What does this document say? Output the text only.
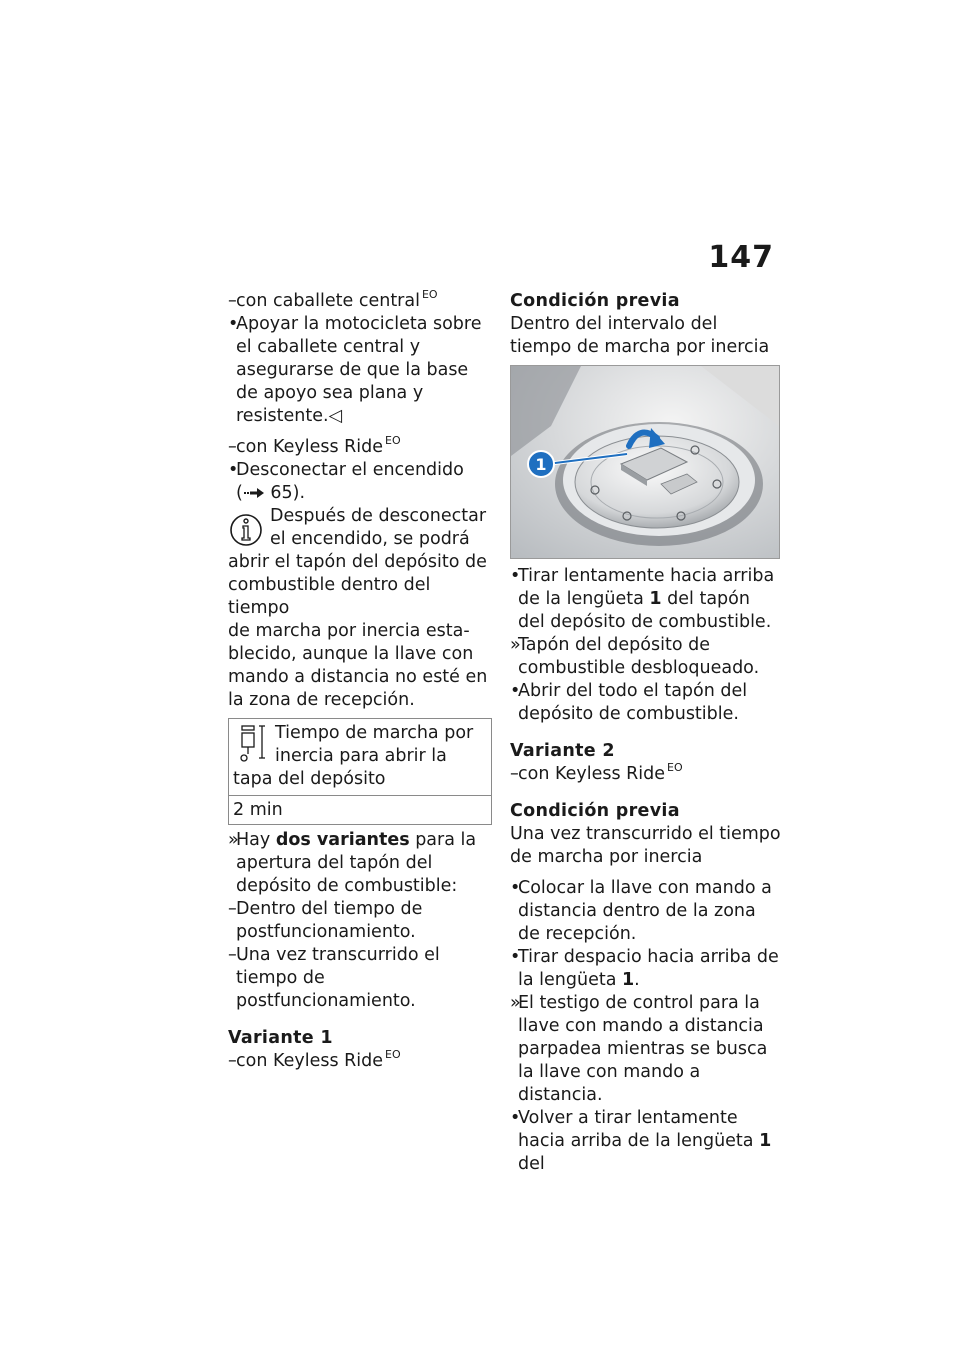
147
– con caballete central $^{EO}$
•
Apoyar la motocicleta sobre el caballete central y asegurarse de que la base de apoyo sea plana y resistente.◁
– con Keyless Ride $^{EO}$
•
Desconectar el encendido
( 65).
Después de desconectar
el encendido, se podrá
abrir el tapón del depósito de
combustible dentro del tiempo
de marcha por inercia esta-
blecido, aunque la llave con
mando a distancia no esté en
la zona de recepción.
Tiempo de marcha por inercia para abrir la tapa del depósito
2 min
»
Hay dos variantes para la apertura del tapón del depósito de combustible:
– Dentro del tiempo de postfuncionamiento.
– Una vez transcurrido el tiempo de postfuncionamiento.
Variante 1
– con Keyless Ride $^{EO}$
Condición previa
Dentro del intervalo del tiempo de marcha por inercia
1
•
Tirar lentamente hacia arriba de la lengüeta 1 del tapón del depósito de combustible.
»
Tapón del depósito de combustible desbloqueado.
•
Abrir del todo el tapón del depósito de combustible.
Variante 2
– con Keyless Ride $^{EO}$
Condición previa
Una vez transcurrido el tiempo de marcha por inercia
•
Colocar la llave con mando a distancia dentro de la zona de recepción.
•
Tirar despacio hacia arriba de la lengüeta 1.
»
El testigo de control para la llave con mando a distancia parpadea mientras se busca la llave con mando a distancia.
•
Volver a tirar lentamente hacia arriba de la lengüeta 1 del
